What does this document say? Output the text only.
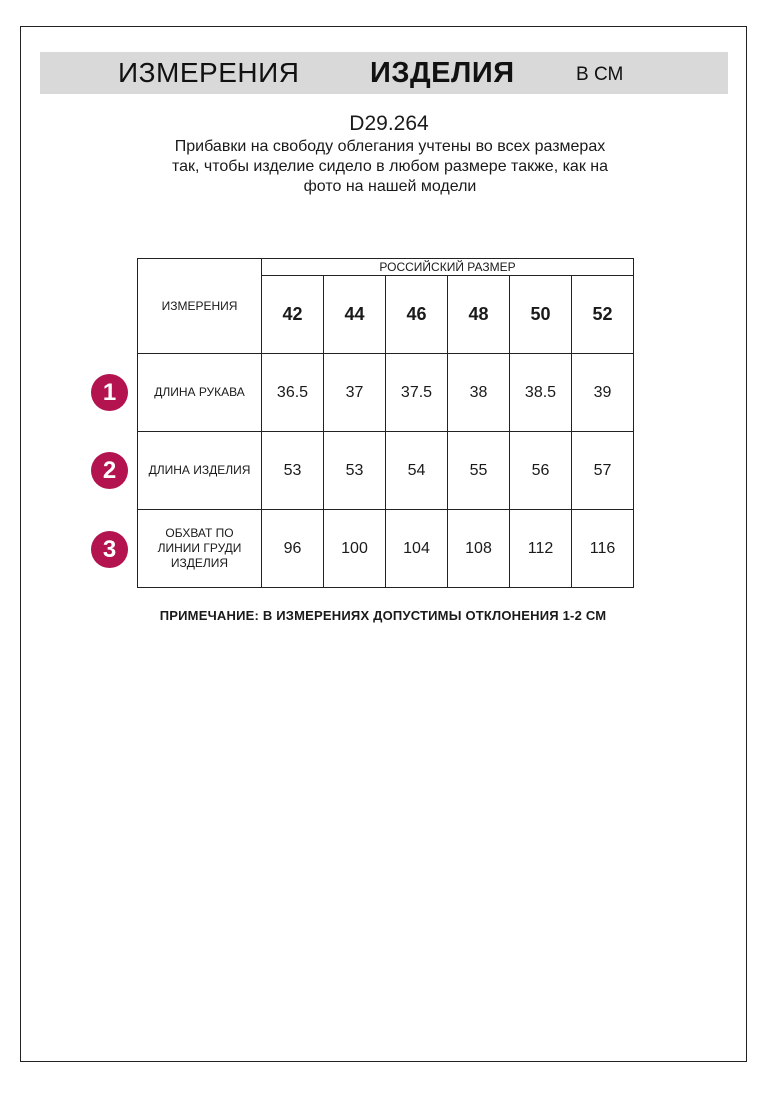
ИЗМЕРЕНИЯ ИЗДЕЛИЯ	В СМ
D29.264
Прибавки на свободу облегания учтены во всех размерах
так, чтобы изделие сидело в любом размере также, как на
фото на нашей модели
ИЗМЕРЕНИЯ	РОССИЙСКИЙ РАЗМЕР					
	42	44	46	48	50	52
ДЛИНА РУКАВА	36.5	37	37.5	38	38.5	39
ДЛИНА ИЗДЕЛИЯ	53	53	54	55	56	57

ОБХВАТ ПО
ЛИНИИ ГРУДИ
ИЗДЕЛИЯ	96	100	104	108	112	116
1
2
3
ПРИМЕЧАНИЕ: В ИЗМЕРЕНИЯХ ДОПУСТИМЫ ОТКЛОНЕНИЯ 1-2 СМ
